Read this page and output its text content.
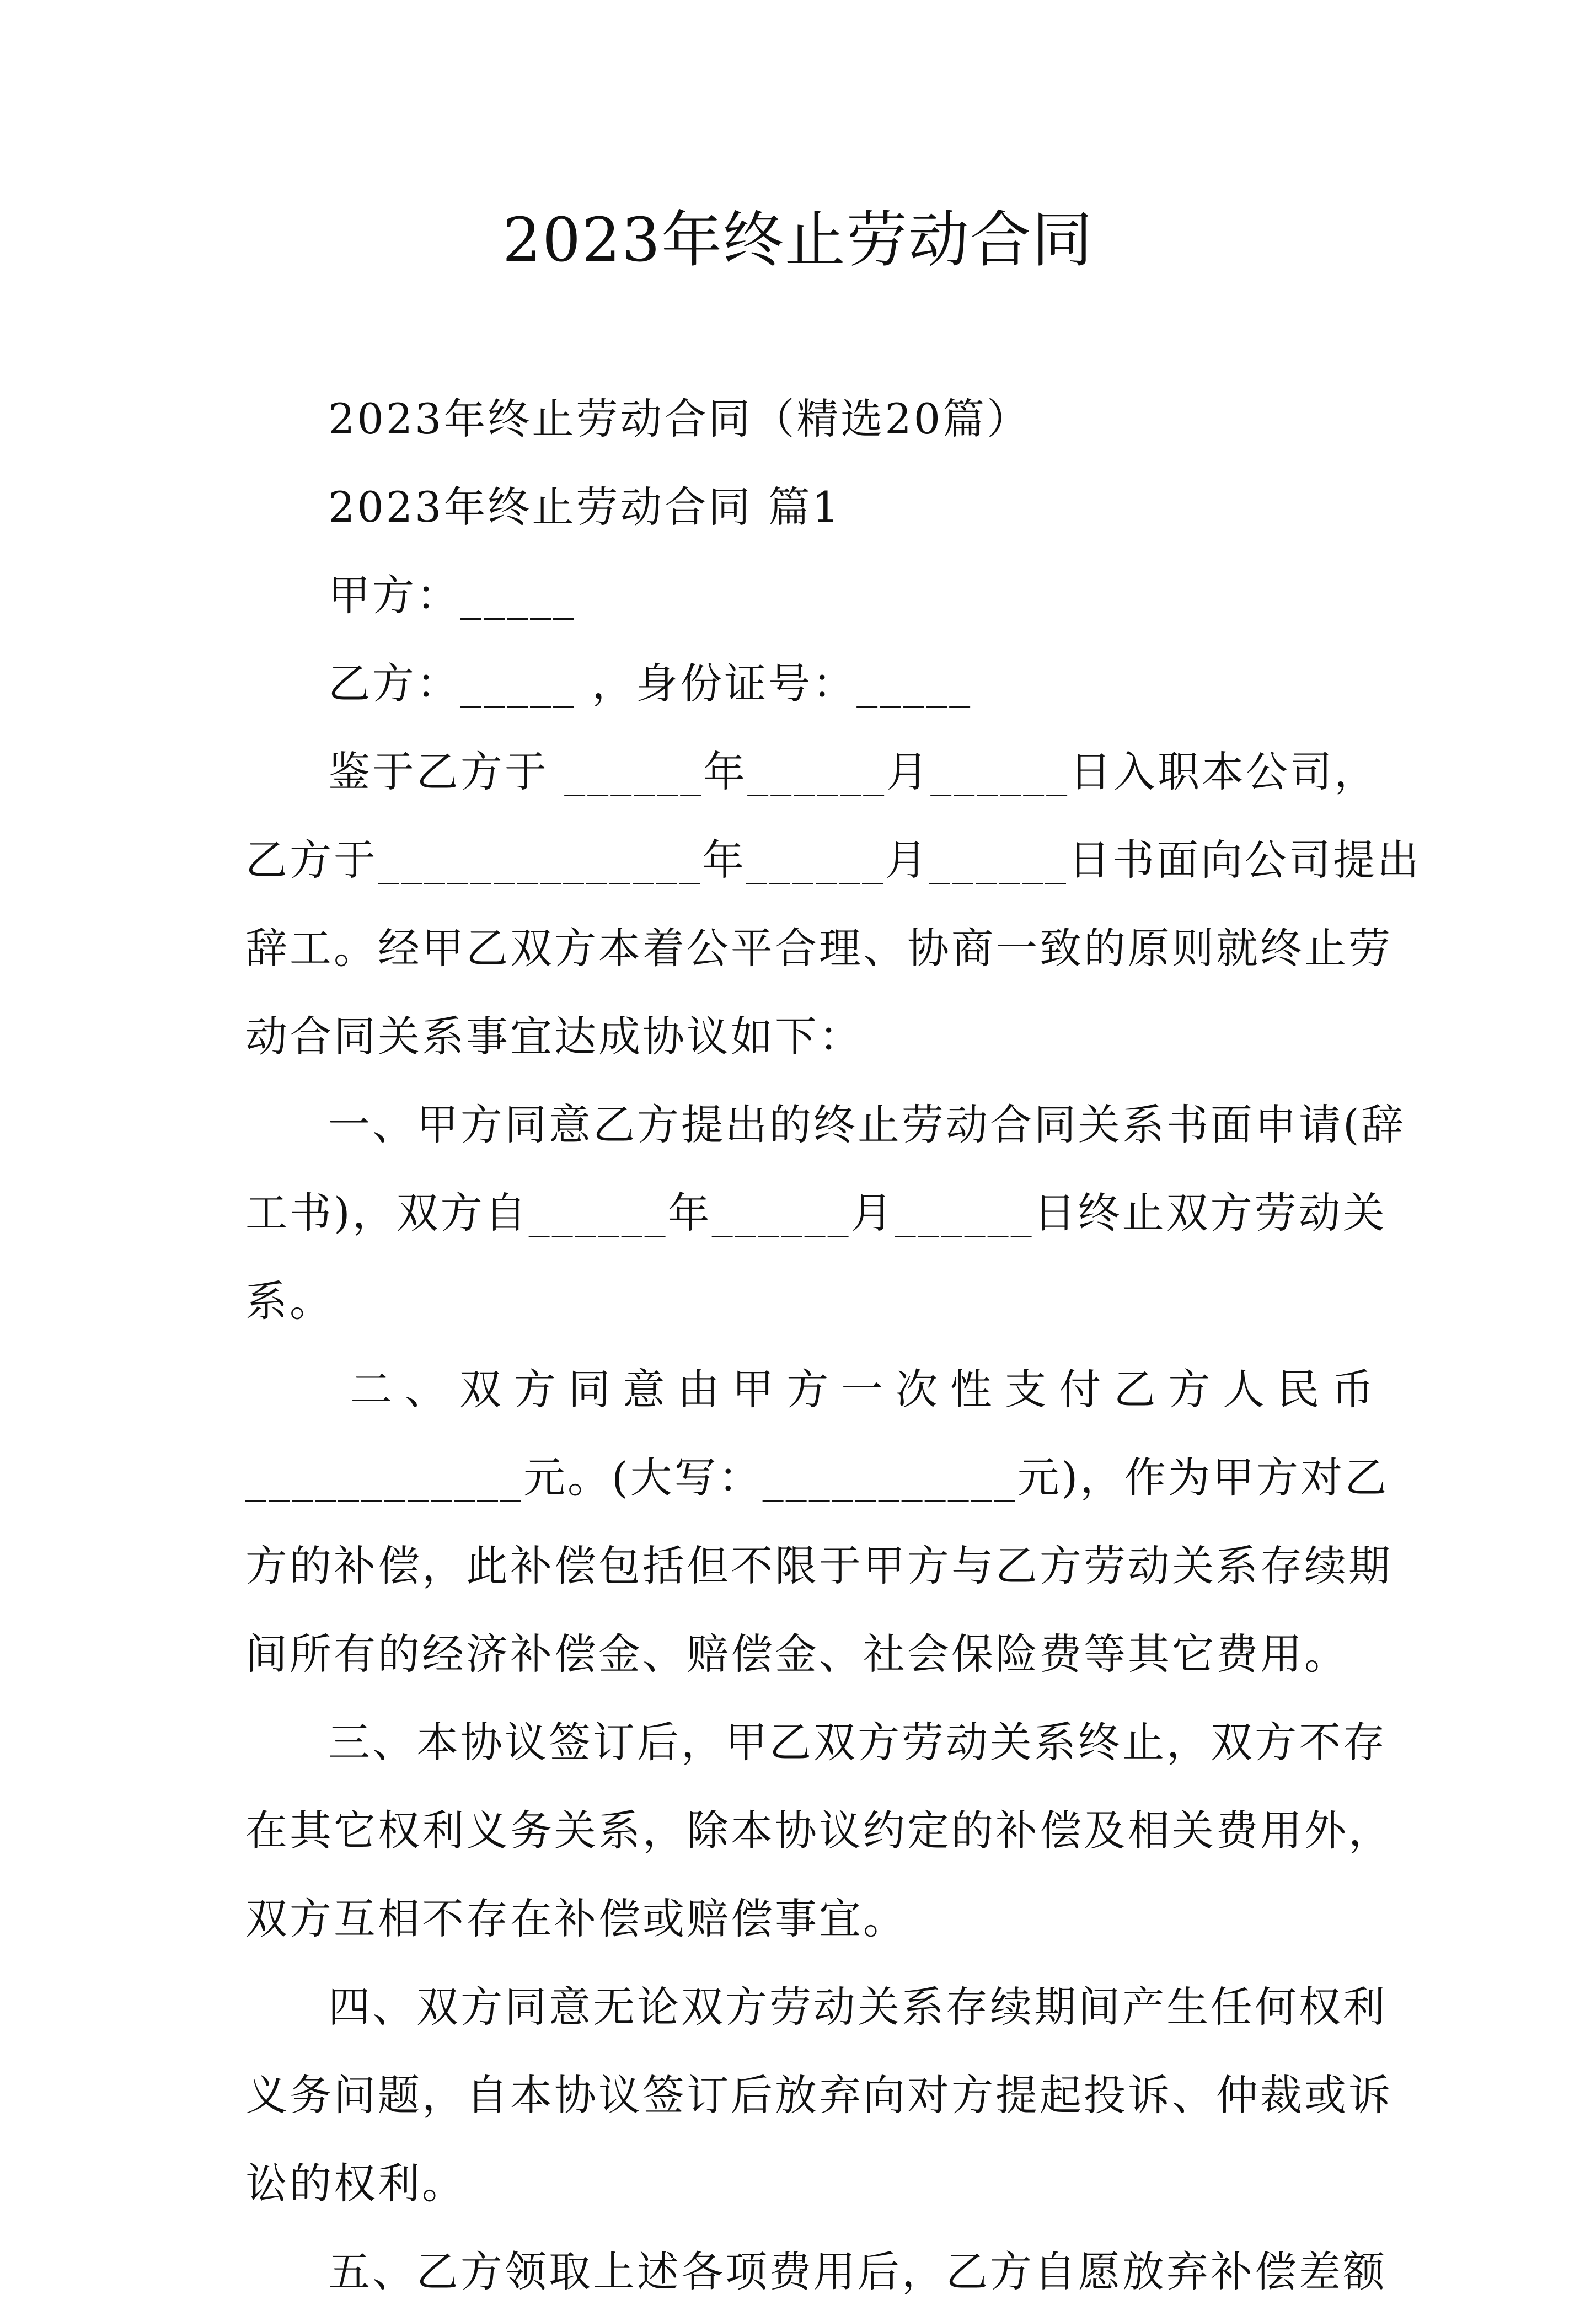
2023年终止劳动合同
2023年终止劳动合同（精选20篇）
2023年终止劳动合同 篇1
甲方：_____
乙方：_____ ，身份证号：_____
鉴于乙方于 ______年______月______日入职本公司，
乙方于______________年______月______日书面向公司提出
辞工。经甲乙双方本着公平合理、协商一致的原则就终止劳
动合同关系事宜达成协议如下：
一、甲方同意乙方提出的终止劳动合同关系书面申请(辞
工书)，双方自______年______月______日终止双方劳动关
系。
二、双方同意由甲方一次性支付乙方人民币
____________元。(大写：___________元)，作为甲方对乙
方的补偿，此补偿包括但不限于甲方与乙方劳动关系存续期
间所有的经济补偿金、赔偿金、社会保险费等其它费用。
三、本协议签订后，甲乙双方劳动关系终止，双方不存
在其它权利义务关系，除本协议约定的补偿及相关费用外，
双方互相不存在补偿或赔偿事宜。
四、双方同意无论双方劳动关系存续期间产生任何权利
义务问题，自本协议签订后放弃向对方提起投诉、仲裁或诉
讼的权利。
五、乙方领取上述各项费用后，乙方自愿放弃补偿差额
